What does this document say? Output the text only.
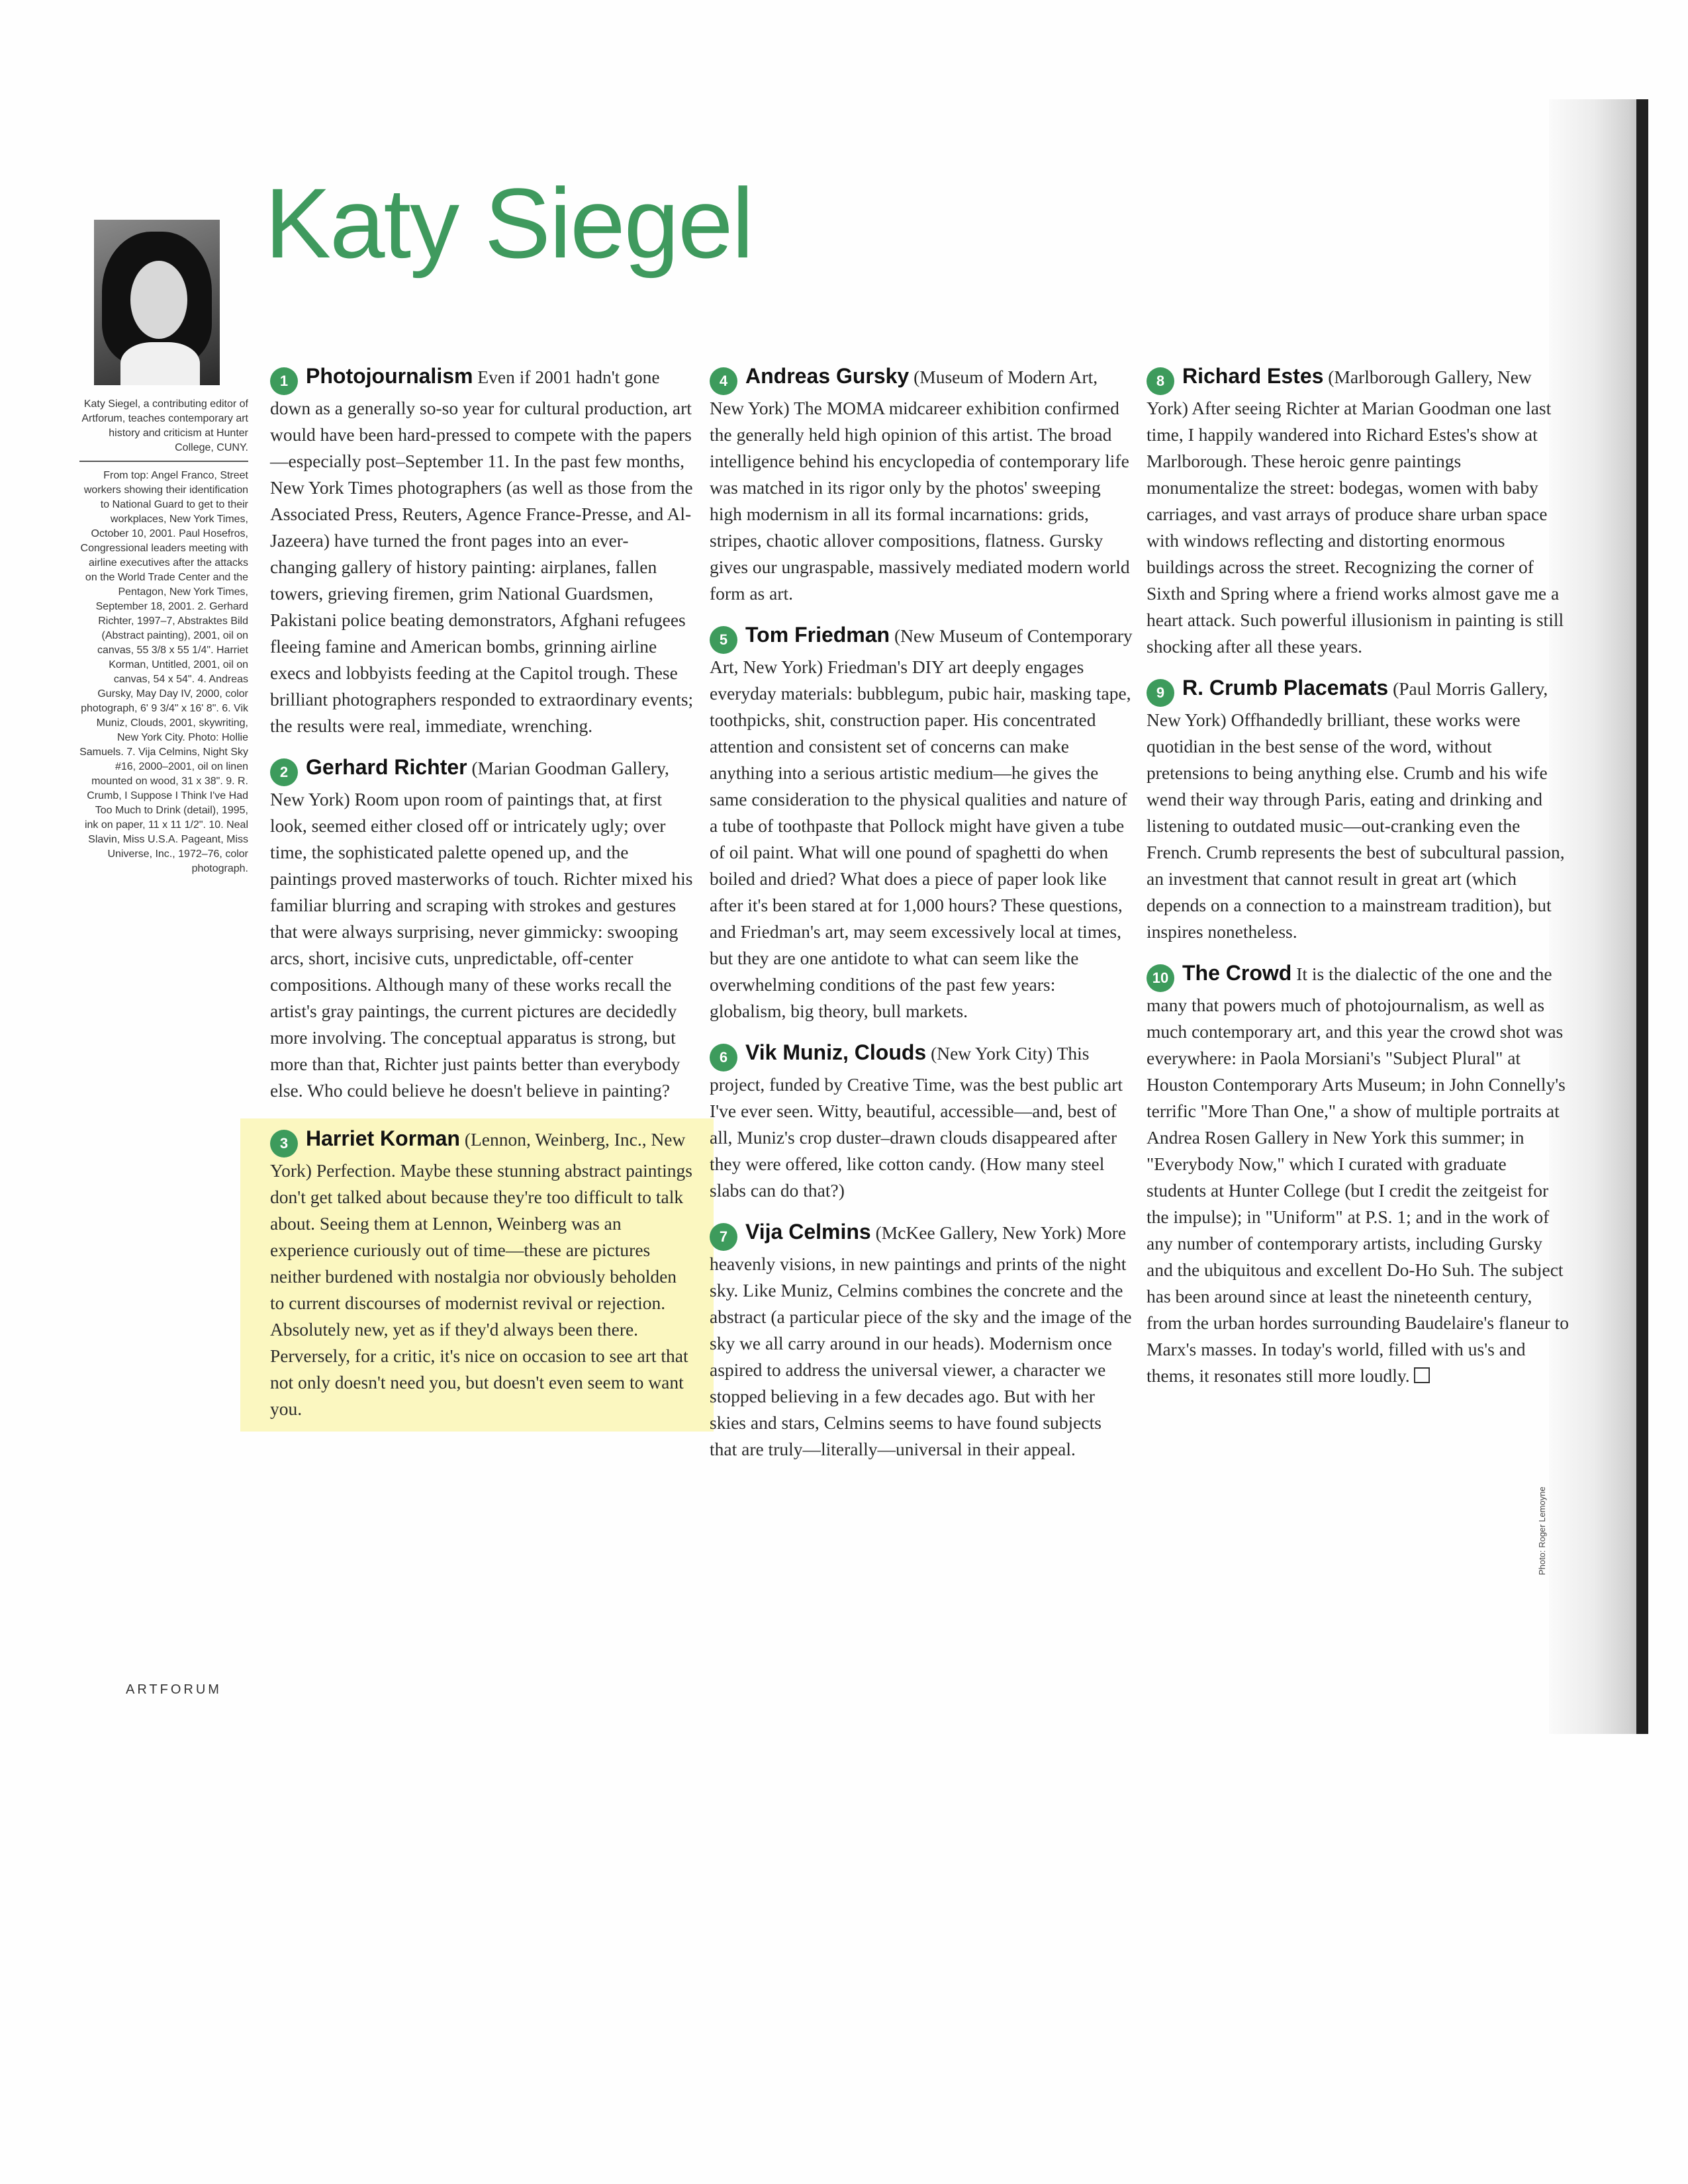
Katy Siegel

Katy Siegel, a contributing editor of Artforum, teaches contemporary art history and criticism at Hunter College, CUNY.

From top: Angel Franco, Street workers showing their identification to National Guard to get to their workplaces, New York Times, October 10, 2001. Paul Hosefros, Congressional leaders meeting with airline executives after the attacks on the World Trade Center and the Pentagon, New York Times, September 18, 2001. 2. Gerhard Richter, 1997–7, Abstraktes Bild (Abstract painting), 2001, oil on canvas, 55 3/8 x 55 1/4". Harriet Korman, Untitled, 2001, oil on canvas, 54 x 54". 4. Andreas Gursky, May Day IV, 2000, color photograph, 6' 9 3/4" x 16' 8". 6. Vik Muniz, Clouds, 2001, skywriting, New York City. Photo: Hollie Samuels. 7. Vija Celmins, Night Sky #16, 2000–2001, oil on linen mounted on wood, 31 x 38". 9. R. Crumb, I Suppose I Think I've Had Too Much to Drink (detail), 1995, ink on paper, 11 x 11 1/2". 10. Neal Slavin, Miss U.S.A. Pageant, Miss Universe, Inc., 1972–76, color photograph.

1 Photojournalism Even if 2001 hadn't gone down as a generally so-so year for cultural production, art would have been hard-pressed to compete with the papers—especially post–September 11. In the past few months, New York Times photographers (as well as those from the Associated Press, Reuters, Agence France-Presse, and Al-Jazeera) have turned the front pages into an ever-changing gallery of history painting: airplanes, fallen towers, grieving firemen, grim National Guardsmen, Pakistani police beating demonstrators, Afghani refugees fleeing famine and American bombs, grinning airline execs and lobbyists feeding at the Capitol trough. These brilliant photographers responded to extraordinary events; the results were real, immediate, wrenching.

2 Gerhard Richter (Marian Goodman Gallery, New York) Room upon room of paintings that, at first look, seemed either closed off or intricately ugly; over time, the sophisticated palette opened up, and the paintings proved masterworks of touch. Richter mixed his familiar blurring and scraping with strokes and gestures that were always surprising, never gimmicky: swooping arcs, short, incisive cuts, unpredictable, off-center compositions. Although many of these works recall the artist's gray paintings, the current pictures are decidedly more involving. The conceptual apparatus is strong, but more than that, Richter just paints better than everybody else. Who could believe he doesn't believe in painting?

3 Harriet Korman (Lennon, Weinberg, Inc., New York) Perfection. Maybe these stunning abstract paintings don't get talked about because they're too difficult to talk about. Seeing them at Lennon, Weinberg was an experience curiously out of time—these are pictures neither burdened with nostalgia nor obviously beholden to current discourses of modernist revival or rejection. Absolutely new, yet as if they'd always been there. Perversely, for a critic, it's nice on occasion to see art that not only doesn't need you, but doesn't even seem to want you.

4 Andreas Gursky (Museum of Modern Art, New York) The MOMA midcareer exhibition confirmed the generally held high opinion of this artist. The broad intelligence behind his encyclopedia of contemporary life was matched in its rigor only by the photos' sweeping high modernism in all its formal incarnations: grids, stripes, chaotic allover compositions, flatness. Gursky gives our ungraspable, massively mediated modern world form as art.

5 Tom Friedman (New Museum of Contemporary Art, New York) Friedman's DIY art deeply engages everyday materials: bubblegum, pubic hair, masking tape, toothpicks, shit, construction paper. His concentrated attention and consistent set of concerns can make anything into a serious artistic medium—he gives the same consideration to the physical qualities and nature of a tube of toothpaste that Pollock might have given a tube of oil paint. What will one pound of spaghetti do when boiled and dried? What does a piece of paper look like after it's been stared at for 1,000 hours? These questions, and Friedman's art, may seem excessively local at times, but they are one antidote to what can seem like the overwhelming conditions of the past few years: globalism, big theory, bull markets.

6 Vik Muniz, Clouds (New York City) This project, funded by Creative Time, was the best public art I've ever seen. Witty, beautiful, accessible—and, best of all, Muniz's crop duster–drawn clouds disappeared after they were offered, like cotton candy. (How many steel slabs can do that?)

7 Vija Celmins (McKee Gallery, New York) More heavenly visions, in new paintings and prints of the night sky. Like Muniz, Celmins combines the concrete and the abstract (a particular piece of the sky and the image of the sky we all carry around in our heads). Modernism once aspired to address the universal viewer, a character we stopped believing in a few decades ago. But with her skies and stars, Celmins seems to have found subjects that are truly—literally—universal in their appeal.

8 Richard Estes (Marlborough Gallery, New York) After seeing Richter at Marian Goodman one last time, I happily wandered into Richard Estes's show at Marlborough. These heroic genre paintings monumentalize the street: bodegas, women with baby carriages, and vast arrays of produce share urban space with windows reflecting and distorting enormous buildings across the street. Recognizing the corner of Sixth and Spring where a friend works almost gave me a heart attack. Such powerful illusionism in painting is still shocking after all these years.

9 R. Crumb Placemats (Paul Morris Gallery, New York) Offhandedly brilliant, these works were quotidian in the best sense of the word, without pretensions to being anything else. Crumb and his wife wend their way through Paris, eating and drinking and listening to outdated music—out-cranking even the French. Crumb represents the best of subcultural passion, an investment that cannot result in great art (which depends on a connection to a mainstream tradition), but inspires nonetheless.

10 The Crowd It is the dialectic of the one and the many that powers much of photojournalism, as well as much contemporary art, and this year the crowd shot was everywhere: in Paola Morsiani's "Subject Plural" at Houston Contemporary Arts Museum; in John Connelly's terrific "More Than One," a show of multiple portraits at Andrea Rosen Gallery in New York this summer; in "Everybody Now," which I curated with graduate students at Hunter College (but I credit the zeitgeist for the impulse); in "Uniform" at P.S. 1; and in the work of any number of contemporary artists, including Gursky and the ubiquitous and excellent Do-Ho Suh. The subject has been around since at least the nineteenth century, from the urban hordes surrounding Baudelaire's flaneur to Marx's masses. In today's world, filled with us's and thems, it resonates still more loudly.

Photo: Roger Lemoyne
ARTFORUM
